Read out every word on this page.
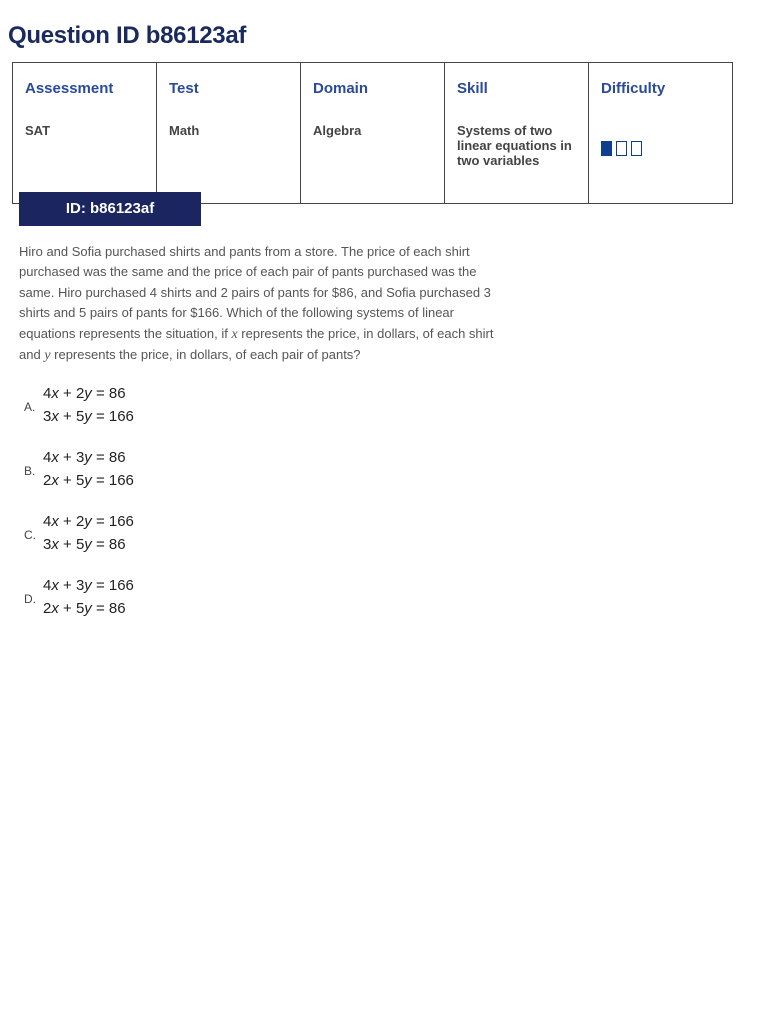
Question ID b86123af
Assessment	Test	Domain	Skill	Difficulty
SAT	Math	Algebra	Systems of two linear equations in two variables	
ID: b86123af

Hiro and Sofia purchased shirts and pants from a store. The price of each shirt purchased was the same and the price of each pair of pants purchased was the same. Hiro purchased 4 shirts and 2 pairs of pants for $86, and Sofia purchased 3 shirts and 5 pairs of pants for $166. Which of the following systems of linear equations represents the situation, if x represents the price, in dollars, of each shirt and y represents the price, in dollars, of each pair of pants?

A.
4x + 2y = 86
3x + 5y = 166
B.
4x + 3y = 86
2x + 5y = 166
C.
4x + 2y = 166
3x + 5y = 86
D.
4x + 3y = 166
2x + 5y = 86
